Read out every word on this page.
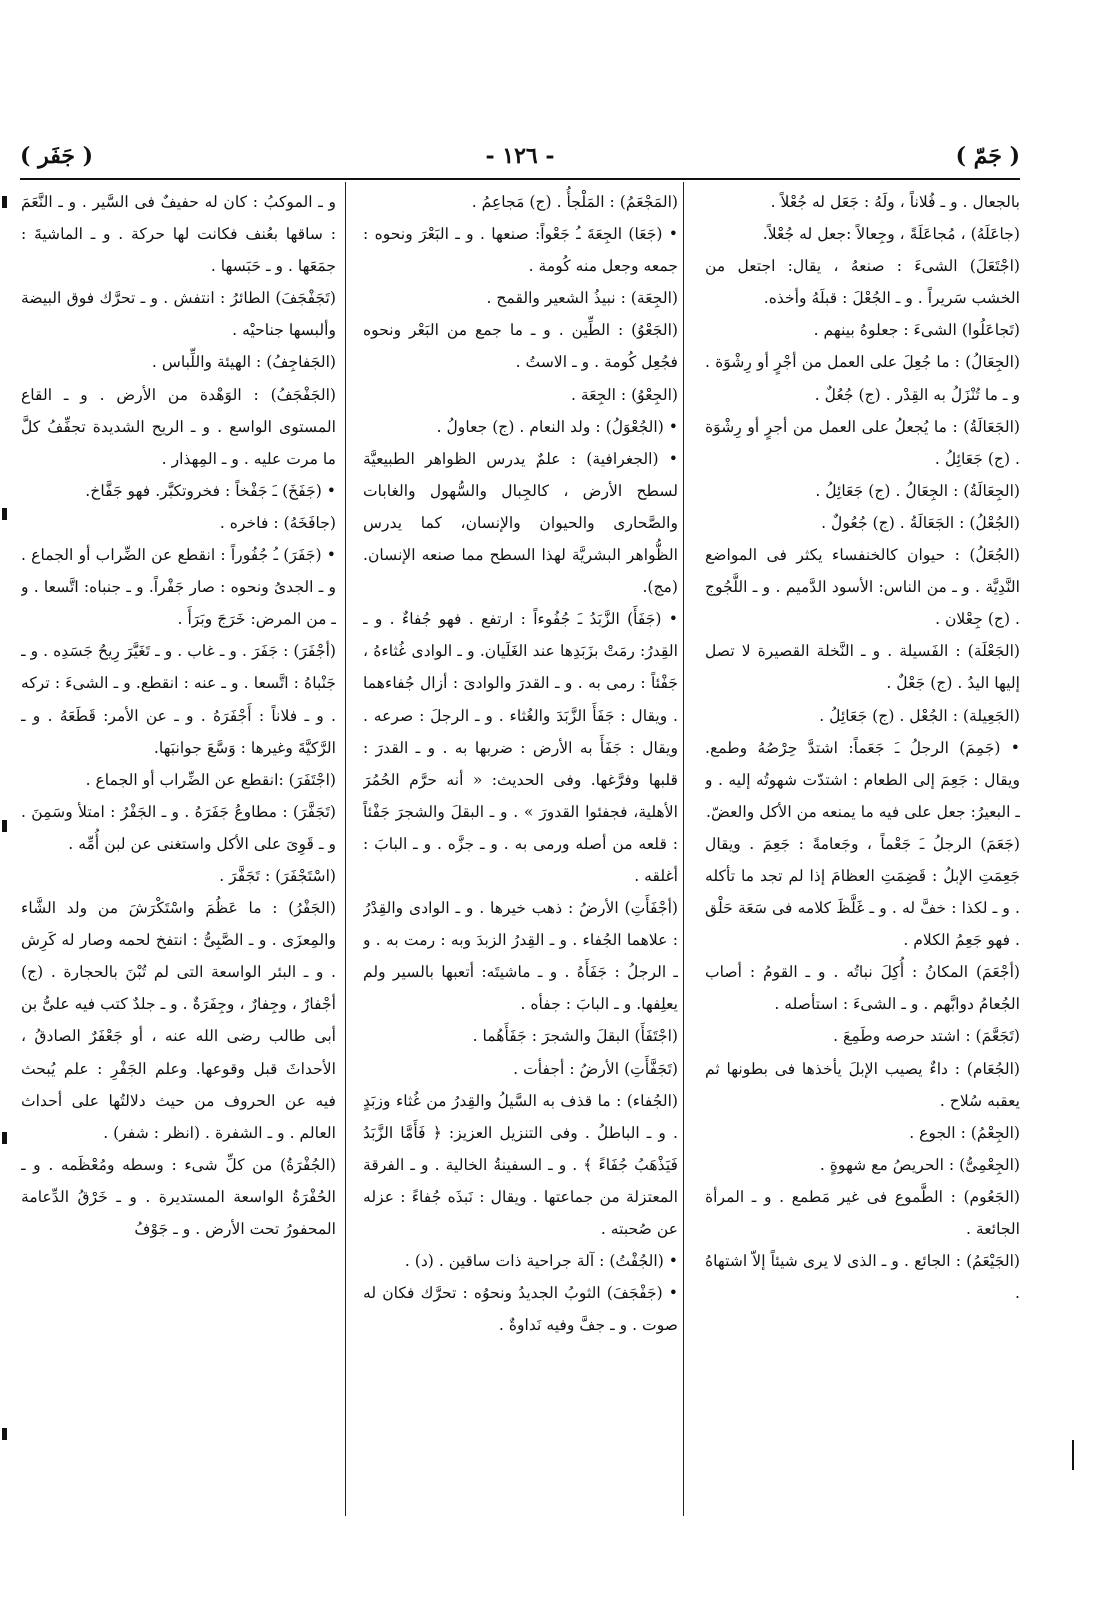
( جَمّ )
- ١٢٦ -
( جَفَر )

بالجعال . و ـ فُلاناً ، ولَهُ : جَعَل له جُعْلاً .

(جاعَلَهُ) ، مُجاعَلَةً ، وجِعالاً :جعل له جُعْلاً.

(اجْتَعَلَ) الشىءَ : صنعهُ ، يقال: اجتعل من الخشب سَريراً . و ـ الجُعْلَ : قبلَهُ وأخذه.

(تَجاعَلُوا) الشىءَ : جعلوهُ بينهم .

(الجِعَالُ) : ما جُعِلَ على العمل من أجْرٍ أو رِشْوَة . و ـ ما تُنْزَلُ به القِدْر . (ج) جُعُلٌ .

(الجَعَالَةُ) : ما يُجعلُ على العمل من أجرٍ أو رِشْوَة . (ج) جَعَائِلُ .

(الجِعَالَةُ) : الجِعَالُ . (ج) جَعَائِلُ .

(الجُعْلُ) : الجَعَالَةُ . (ج) جُعُولٌ .

(الجُعَلُ) : حيوان كالخنفساء يكثر فى المواضع النَّدِيَّة . و ـ من الناس: الأسود الدَّميم . و ـ اللَّجُوج . (ج) جِعْلان .

(الجَعْلَة) : الفَسيلة . و ـ النَّخلة القصيرة لا تصل إليها اليدُ . (ج) جَعْلٌ .

(الجَعِيلة) : الجُعْل . (ج) جَعَائِلُ .

• (جَمِمَ) الرجلُ ـَ جَعَماً: اشتدَّ حِرْصُهُ وطمع. ويقال : جَعِمَ إلى الطعام : اشتدّت شهوتُه إليه . و ـ البعيرُ: جعل على فيه ما يمنعه من الأكل والعضّ.

(جَعَمَ) الرجلُ ـَ جَعْماً ، وجَعامةً : جَعِمَ . ويقال جَعِمَتِ الإبلُ : قَضِمَتِ العظامَ إذا لم تجد ما تأكله . و ـ لكذا : خفَّ له . و ـ غَلَّظَ كلامه فى سَعَة حَلْق . فهو جَعِمُ الكلام .

(أجْعَمَ) المكانُ : أُكِلَ نباتُه . و ـ القومُ : أصاب الجُعامُ دوابَّهم . و ـ الشىءَ : استأصله .

(تَجَعَّمَ) : اشتد حرصه وطَمِعَ .

(الجُعَام) : داءٌ يصيب الإبلَ يأخذها فى بطونها ثم يعقبه سُلاح .

(الجِعْمُ) : الجوع .

(الجِعْمِىُّ) : الحريصُ مع شهوةٍ .

(الجَعُوم) : الطَّموع فى غير مَطمع . و ـ المرأة الجائعة .

(الجَيْعَمُ) : الجائع . و ـ الذى لا يرى شيئاً إلاّ اشتهاهُ .

(المَجْعَمُ) : المَلْجأُ . (ج) مَجاعِمُ .

• (جَعَا) الجِعَةَ ـُ جَعْواً: صنعها . و ـ البَعْرَ ونحوه : جمعه وجعل منه كُومة .

(الجِعَة) : نبيذُ الشعير والقمح .

(الجَعْوُ) : الطِّين . و ـ ما جمع من البَعْر ونحوه فجُعِل كُومة . و ـ الاستُ .

(الجِعْوُ) : الجِعَة .

• (الجُعْوَلُ) : ولد النعام . (ج) جعاولُ .

• (الجغرافية) : علمٌ يدرس الظواهر الطبيعيَّة لسطح الأرض ، كالجِبال والسُّهول والغابات والصَّحارى والحيوان والإنسان، كما يدرس الظُّواهر البشريَّة لهذا السطح مما صنعه الإنسان. (مج).

• (جَفَأَ) الزَّبَدُ ـَ جُفُوءاً : ارتفع . فهو جُفاءٌ . و ـ القِدرُ: رمَتْ بزَبَدِها عند الغَلَيان. و ـ الوادى غُثاءهُ ، جَفْئاً : رمى به . و ـ القدرَ والوادىَ : أزال جُفاءهما . ويقال : جَفَأَ الزَّبَدَ والغُثاء . و ـ الرجلَ : صرعه . ويقال : جَفَأَ به الأرض : ضربها به . و ـ القدرَ : قلبها وفرَّغها. وفى الحديث: « أنه حرَّم الحُمُرَ الأهلية، فجفئوا القدورَ » . و ـ البقلَ والشجرَ جَفْئاً : قلعه من أصله ورمى به . و ـ جزَّه . و ـ البابَ : أغلقه .

(أجْفَأَتِ) الأرضُ : ذهب خيرها . و ـ الوادى والقِدْرُ : علاهما الجُفاء . و ـ القِدرُ الزبدَ وبه : رمت به . و ـ الرجلُ : جَفَأَهُ . و ـ ماشيتَه: أتعبها بالسير ولم يعلِفها. و ـ البابَ : جفأه .

(اجْتَفَأَ) البقلَ والشجرَ : جَفَأَهُما .

(تَجَفَّأَتِ) الأرضُ : أجفأت .

(الجُفاء) : ما قذف به السَّيلُ والقِدرُ من غُثاء وزبَدٍ . و ـ الباطلُ . وفى التنزيل العزيز: ﴿ فَأَمَّا الزَّبَدُ فَيَذْهَبُ جُفَاءً ﴾ . و ـ السفينةُ الخالية . و ـ الفرقة المعتزلة من جماعتها . ويقال : نَبذَه جُفاءً : عزله عن صُحبته .

• (الجُفْتُ) : آلة جراحية ذات ساقين . (د) .

• (جَفْجَفَ) الثوبُ الجديدُ ونحوُه : تحرَّك فكان له صوت . و ـ جفَّ وفيه نَداوةٌ .

و ـ الموكبُ : كان له حفيفٌ فى السَّير . و ـ النَّعَمَ : ساقها بعُنف فكانت لها حركة . و ـ الماشيةَ : جمَعَها . و ـ حَبَسها .

(تَجَفْجَفَ) الطائرُ : انتفش . و ـ تحرَّك فوق البيضة وألبسها جناحيْه .

(الجَفاجِفُ) : الهيئة واللِّباس .

(الجَفْجَفُ) : الوَهْدة من الأرض . و ـ القاع المستوى الواسع . و ـ الريح الشديدة تجفِّفُ كلَّ ما مرت عليه . و ـ المِهذار .

• (جَفَخَ) ـَ جَفْخاً : فخروتكبَّر. فهو جَفَّاخ.

(جافَخَهُ) : فاخره .

• (جَفَرَ) ـُ جُفُوراً : انقطع عن الضِّراب أو الجماع . و ـ الجدىُ ونحوه : صار جَفْراً. و ـ جنباه: اتَّسعا . و ـ من المرض: خَرَجَ وبَرَأَ .

(أجْفَرَ) : جَفَرَ . و ـ غاب . و ـ تَغَيَّرَ رِيحُ جَسَدِه . و ـ جَنْباهُ : اتَّسعا . و ـ عنه : انقطع. و ـ الشىءَ : تركه . و ـ فلاناً : أَجْفَرَهُ . و ـ عن الأمر: قَطَعَهُ . و ـ الرَّكيَّةَ وغيرها : وَسَّعَ جوانبَها.

(اجْتَفَرَ) :انقطع عن الضِّراب أو الجماع .

(تَجَفَّرَ) : مطاوعُ جَفَرَهُ . و ـ الجَفْرُ : امتلأ وسَمِنَ . و ـ قَوِىَ على الأكل واستغنى عن لبن أُمِّه .

(اسْتَجْفَرَ) : تَجَفَّرَ .

(الجَفْرُ) : ما عَظُمَ واسْتَكْرَشَ من ولد الشَّاء والمِعزَى . و ـ الصَّبِىُّ : انتفخ لحمه وصار له كَرِش . و ـ البئر الواسعة التى لم تُبْنَ بالحجارة . (ج) أجْفارٌ ، وجِفارٌ ، وجِفَرَةٌ . و ـ جلدٌ كتب فيه علىُّ بن أبى طالب رضى الله عنه ، أو جَعْفَرٌ الصادقُ ، الأحداثَ قبل وقوعها. وعلم الجَفْرِ : علم يُبحث فيه عن الحروف من حيث دلالتُها على أحداث العالم . و ـ الشفرة . (انظر : شفر) .

(الجُفْرَةُ) من كلِّ شىء : وسطه ومُعْظَمه . و ـ الحُفْرَةُ الواسعة المستديرة . و ـ خَرْقُ الدِّعامة المحفورُ تحت الأرض . و ـ جَوْفُ
